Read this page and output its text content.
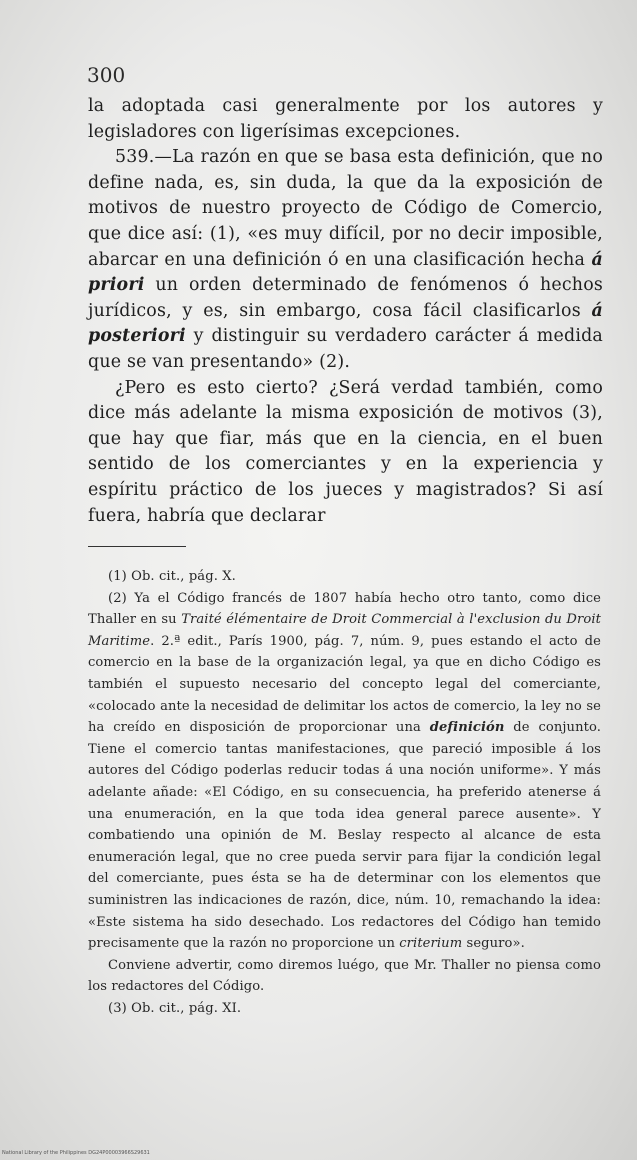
300

la adoptada casi generalmente por los autores y legisladores con ligerísimas excepciones.

539.—La razón en que se basa esta definición, que no define nada, es, sin duda, la que da la exposición de motivos de nuestro proyecto de Código de Comercio, que dice así: (1), «es muy difícil, por no decir imposible, abarcar en una definición ó en una clasificación hecha á priori un orden determinado de fenómenos ó hechos jurídicos, y es, sin embargo, cosa fácil clasificarlos á posteriori y distinguir su verdadero carácter á medida que se van presentando» (2).

¿Pero es esto cierto? ¿Será verdad también, como dice más adelante la misma exposición de motivos (3), que hay que fiar, más que en la ciencia, en el buen sentido de los comerciantes y en la experiencia y espíritu práctico de los jueces y magistrados? Si así fuera, habría que declarar

(1) Ob. cit., pág. X.

(2) Ya el Código francés de 1807 había hecho otro tanto, como dice Thaller en su Traité élémentaire de Droit Commercial à l'exclusion du Droit Maritime. 2.ª edit., París 1900, pág. 7, núm. 9, pues estando el acto de comercio en la base de la organización legal, ya que en dicho Código es también el supuesto necesario del concepto legal del comerciante, «colocado ante la necesidad de delimitar los actos de comercio, la ley no se ha creído en disposición de proporcionar una definición de conjunto. Tiene el comercio tantas manifestaciones, que pareció imposible á los autores del Código poderlas reducir todas á una noción uniforme». Y más adelante añade: «El Código, en su consecuencia, ha preferido atenerse á una enumeración, en la que toda idea general parece ausente». Y combatiendo una opinión de M. Beslay respecto al alcance de esta enumeración legal, que no cree pueda servir para fijar la condición legal del comerciante, pues ésta se ha de determinar con los elementos que suministren las indicaciones de razón, dice, núm. 10, remachando la idea: «Este sistema ha sido desechado. Los redactores del Código han temido precisamente que la razón no proporcione un criterium seguro».

Conviene advertir, como diremos luégo, que Mr. Thaller no piensa como los redactores del Código.

(3) Ob. cit., pág. XI.

National Library of the Philippines DG24P00003966S29631
